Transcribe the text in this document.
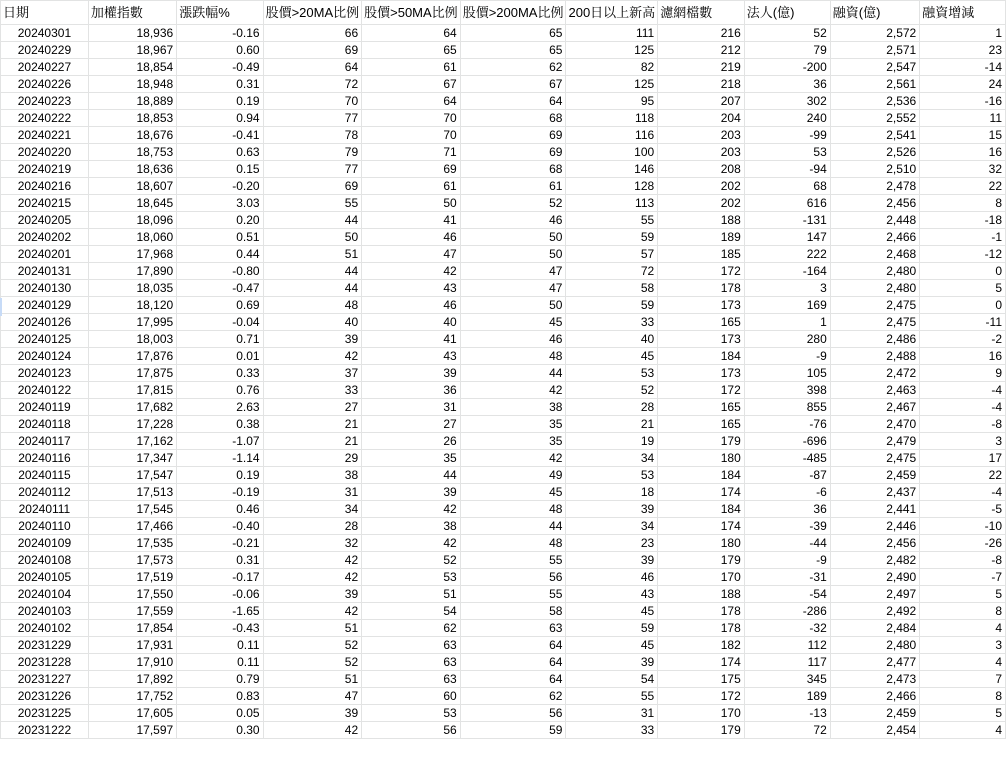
日期	加權指數	漲跌幅%	股價>20MA比例	股價>50MA比例	股價>200MA比例	200日以上新高	濾網檔數	法人(億)	融資(億)	融資增減
20240301	18,936	-0.16	66	64	65	111	216	52	2,572	1
20240229	18,967	0.60	69	65	65	125	212	79	2,571	23
20240227	18,854	-0.49	64	61	62	82	219	-200	2,547	-14
20240226	18,948	0.31	72	67	67	125	218	36	2,561	24
20240223	18,889	0.19	70	64	64	95	207	302	2,536	-16
20240222	18,853	0.94	77	70	68	118	204	240	2,552	11
20240221	18,676	-0.41	78	70	69	116	203	-99	2,541	15
20240220	18,753	0.63	79	71	69	100	203	53	2,526	16
20240219	18,636	0.15	77	69	68	146	208	-94	2,510	32
20240216	18,607	-0.20	69	61	61	128	202	68	2,478	22
20240215	18,645	3.03	55	50	52	113	202	616	2,456	8
20240205	18,096	0.20	44	41	46	55	188	-131	2,448	-18
20240202	18,060	0.51	50	46	50	59	189	147	2,466	-1
20240201	17,968	0.44	51	47	50	57	185	222	2,468	-12
20240131	17,890	-0.80	44	42	47	72	172	-164	2,480	0
20240130	18,035	-0.47	44	43	47	58	178	3	2,480	5
20240129	18,120	0.69	48	46	50	59	173	169	2,475	0
20240126	17,995	-0.04	40	40	45	33	165	1	2,475	-11
20240125	18,003	0.71	39	41	46	40	173	280	2,486	-2
20240124	17,876	0.01	42	43	48	45	184	-9	2,488	16
20240123	17,875	0.33	37	39	44	53	173	105	2,472	9
20240122	17,815	0.76	33	36	42	52	172	398	2,463	-4
20240119	17,682	2.63	27	31	38	28	165	855	2,467	-4
20240118	17,228	0.38	21	27	35	21	165	-76	2,470	-8
20240117	17,162	-1.07	21	26	35	19	179	-696	2,479	3
20240116	17,347	-1.14	29	35	42	34	180	-485	2,475	17
20240115	17,547	0.19	38	44	49	53	184	-87	2,459	22
20240112	17,513	-0.19	31	39	45	18	174	-6	2,437	-4
20240111	17,545	0.46	34	42	48	39	184	36	2,441	-5
20240110	17,466	-0.40	28	38	44	34	174	-39	2,446	-10
20240109	17,535	-0.21	32	42	48	23	180	-44	2,456	-26
20240108	17,573	0.31	42	52	55	39	179	-9	2,482	-8
20240105	17,519	-0.17	42	53	56	46	170	-31	2,490	-7
20240104	17,550	-0.06	39	51	55	43	188	-54	2,497	5
20240103	17,559	-1.65	42	54	58	45	178	-286	2,492	8
20240102	17,854	-0.43	51	62	63	59	178	-32	2,484	4
20231229	17,931	0.11	52	63	64	45	182	112	2,480	3
20231228	17,910	0.11	52	63	64	39	174	117	2,477	4
20231227	17,892	0.79	51	63	64	54	175	345	2,473	7
20231226	17,752	0.83	47	60	62	55	172	189	2,466	8
20231225	17,605	0.05	39	53	56	31	170	-13	2,459	5
20231222	17,597	0.30	42	56	59	33	179	72	2,454	4
